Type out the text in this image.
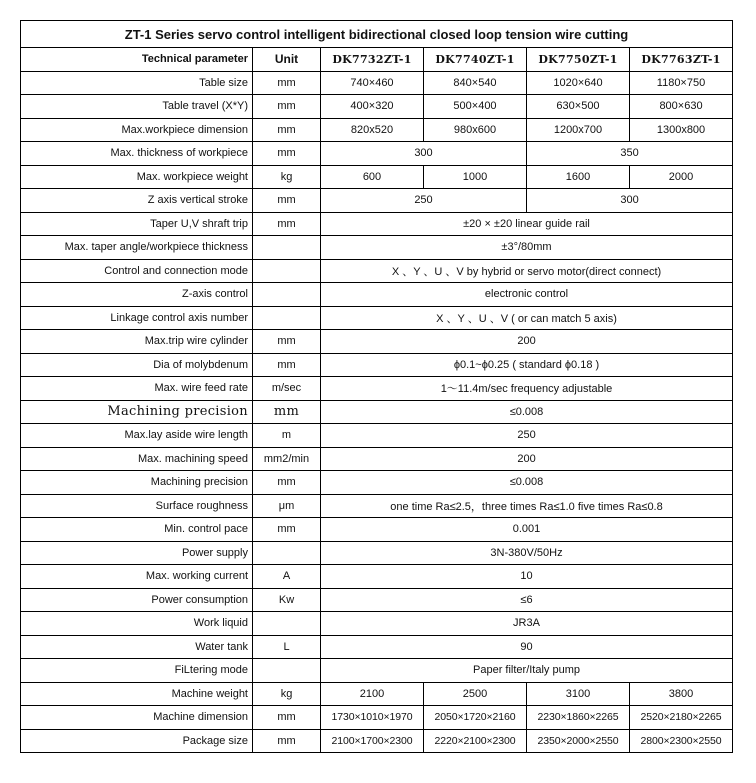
ZT-1 Series servo control intelligent bidirectional closed loop tension wire cutting					
Technical parameter	Unit	DK7732ZT-1	DK7740ZT-1	DK7750ZT-1	DK7763ZT-1
Table size	mm	740×460	840×540	1020×640	1180×750
Table travel (X*Y)	mm	400×320	500×400	630×500	800×630
Max.workpiece dimension	mm	820x520	980x600	1200x700	1300x800
Max. thickness of workpiece	mm	300		350	
Max. workpiece weight	kg	600	1000	1600	2000
Z axis vertical stroke	mm	250		300	
Taper U,V shraft trip	mm	±20 × ±20 linear guide rail			
Max. taper angle/workpiece thickness		±3°/80mm			
Control and connection mode		X 、Y 、U 、V by hybrid or servo motor(direct connect)			
Z-axis control		electronic control			
Linkage control axis number		X 、Y 、U 、V ( or can match 5 axis)			
Max.trip wire cylinder	mm	200			
Dia of molybdenum	mm	ϕ0.1~ϕ0.25 ( standard ϕ0.18 )			
Max. wire feed rate	m/sec	1～11.4m/sec frequency adjustable			
Machining precision	mm	≤0.008			
Max.lay aside wire length	m	250			
Max. machining speed	mm2/min	200			
Machining precision	mm	≤0.008			
Surface roughness	μm	one time Ra≤2.5，three times Ra≤1.0 five times Ra≤0.8			
Min. control pace	mm	0.001			
Power supply		3N-380V/50Hz			
Max. working current	A	10			
Power consumption	Kw	≤6			
Work liquid		JR3A			
Water tank	L	90			
FiLtering mode		Paper filter/Italy pump			
Machine weight	kg	2100	2500	3100	3800
Machine dimension	mm	1730×1010×1970	2050×1720×2160	2230×1860×2265	2520×2180×2265
Package size	mm	2100×1700×2300	2220×2100×2300	2350×2000×2550	2800×2300×2550
